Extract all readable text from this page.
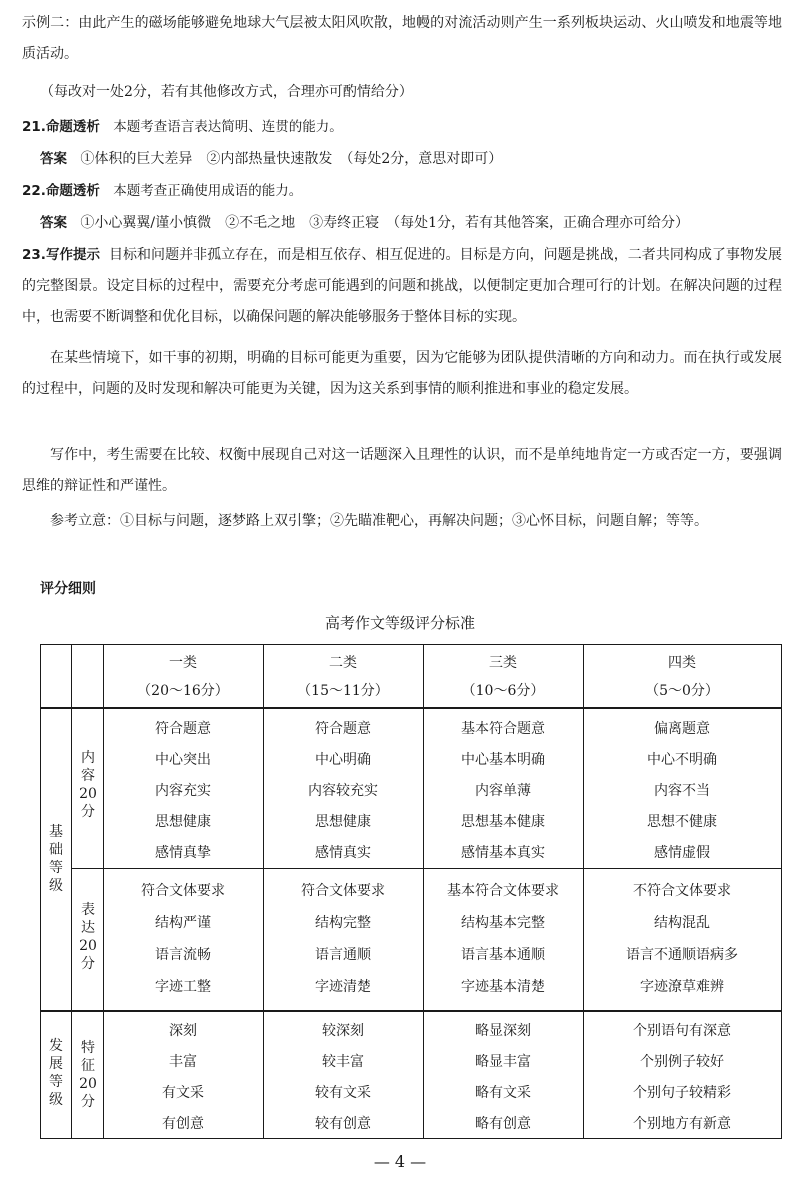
示例二：由此产生的磁场能够避免地球大气层被太阳风吹散，地幔的对流活动则产生一系列板块运动、火山喷发和地震等地质活动。
（每改对一处2分，若有其他修改方式，合理亦可酌情给分）
21.命题透析 本题考查语言表达简明、连贯的能力。
答案 ①体积的巨大差异　②内部热量快速散发　（每处2分，意思对即可）
22.命题透析 本题考查正确使用成语的能力。
答案 ①小心翼翼/谨小慎微　②不毛之地　③寿终正寝　（每处1分，若有其他答案，正确合理亦可给分）
23.写作提示 目标和问题并非孤立存在，而是相互依存、相互促进的。目标是方向，问题是挑战，二者共同构成了事物发展的完整图景。设定目标的过程中，需要充分考虑可能遇到的问题和挑战，以便制定更加合理可行的计划。在解决问题的过程中，也需要不断调整和优化目标，以确保问题的解决能够服务于整体目标的实现。
在某些情境下，如干事的初期，明确的目标可能更为重要，因为它能够为团队提供清晰的方向和动力。而在执行或发展的过程中，问题的及时发现和解决可能更为关键，因为这关系到事情的顺利推进和事业的稳定发展。
写作中，考生需要在比较、权衡中展现自己对这一话题深入且理性的认识，而不是单纯地肯定一方或否定一方，要强调思维的辩证性和严谨性。
参考立意：①目标与问题，逐梦路上双引擎；②先瞄准靶心，再解决问题；③心怀目标，问题自解；等等。
评分细则
高考作文等级评分标准
一类
（20～16分）
二类
（15～11分）
三类
（10～6分）
四类
（5～0分）
基础等级
发展等级
内容20分
表达20分
特征20分
符合题意
中心突出
内容充实
思想健康
感情真挚
符合题意
中心明确
内容较充实
思想健康
感情真实
基本符合题意
中心基本明确
内容单薄
思想基本健康
感情基本真实
偏离题意
中心不明确
内容不当
思想不健康
感情虚假
符合文体要求
结构严谨
语言流畅
字迹工整
符合文体要求
结构完整
语言通顺
字迹清楚
基本符合文体要求
结构基本完整
语言基本通顺
字迹基本清楚
不符合文体要求
结构混乱
语言不通顺语病多
字迹潦草难辨
深刻
丰富
有文采
有创意
较深刻
较丰富
较有文采
较有创意
略显深刻
略显丰富
略有文采
略有创意
个别语句有深意
个别例子较好
个别句子较精彩
个别地方有新意
— 4 —
